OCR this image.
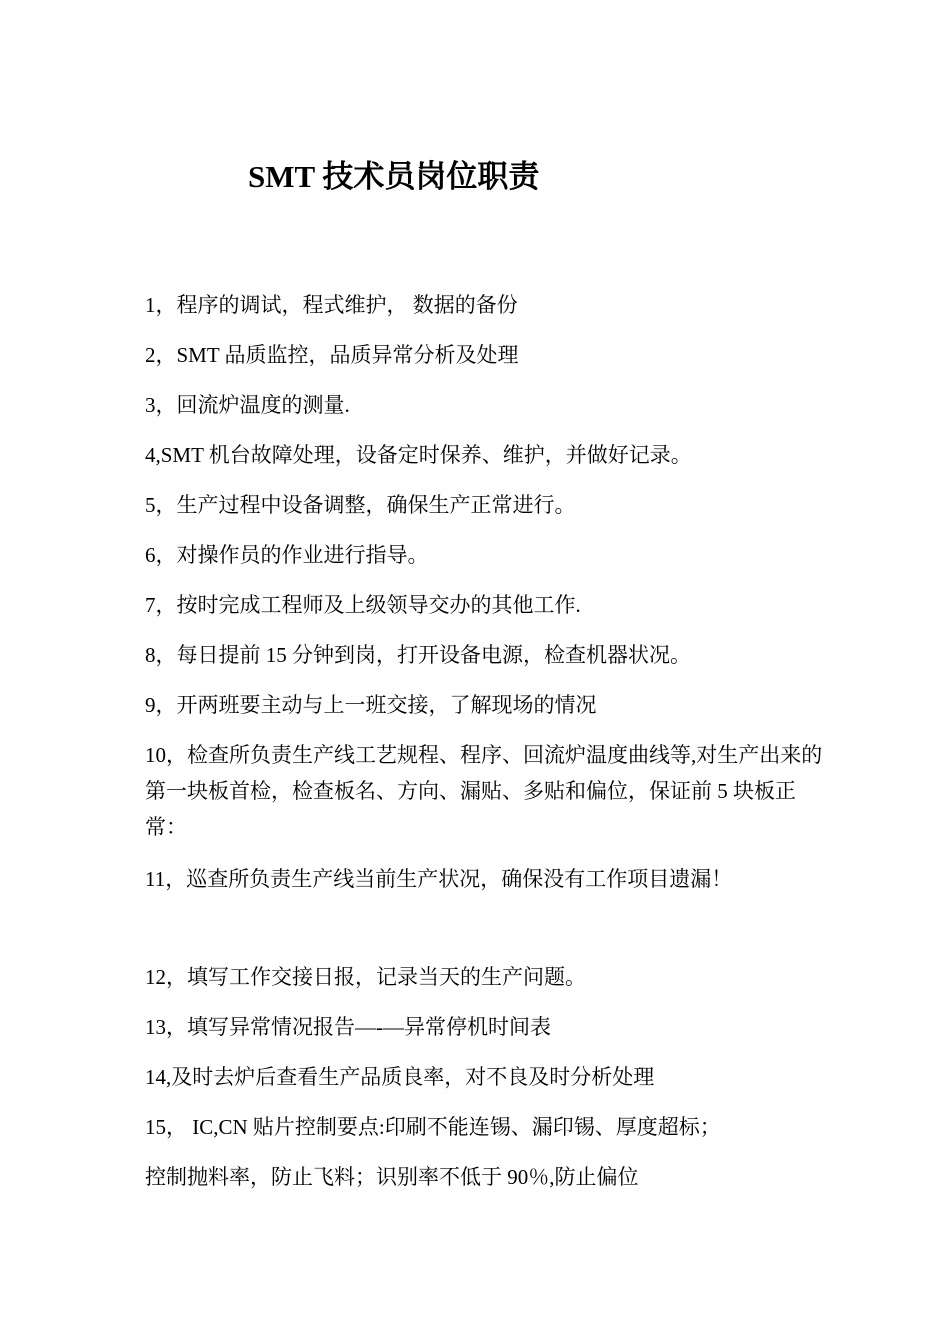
SMT 技术员岗位职责
1，程序的调试，程式维护， 数据的备份
2，SMT 品质监控，品质异常分析及处理
3，回流炉温度的测量.
4,SMT 机台故障处理，设备定时保养、维护，并做好记录。
5，生产过程中设备调整，确保生产正常进行。
6，对操作员的作业进行指导。
7，按时完成工程师及上级领导交办的其他工作.
8，每日提前 15 分钟到岗，打开设备电源，检查机器状况。
9，开两班要主动与上一班交接，了解现场的情况
10，检查所负责生产线工艺规程、程序、回流炉温度曲线等,对生产出来的第一块板首检，检查板名、方向、漏贴、多贴和偏位，保证前 5 块板正常：
11，巡查所负责生产线当前生产状况，确保没有工作项目遗漏！
12，填写工作交接日报，记录当天的生产问题。
13，填写异常情况报告—-—异常停机时间表
14,及时去炉后查看生产品质良率，对不良及时分析处理
15， IC,CN 贴片控制要点:印刷不能连锡、漏印锡、厚度超标；
控制抛料率，防止飞料；识别率不低于 90％,防止偏位
